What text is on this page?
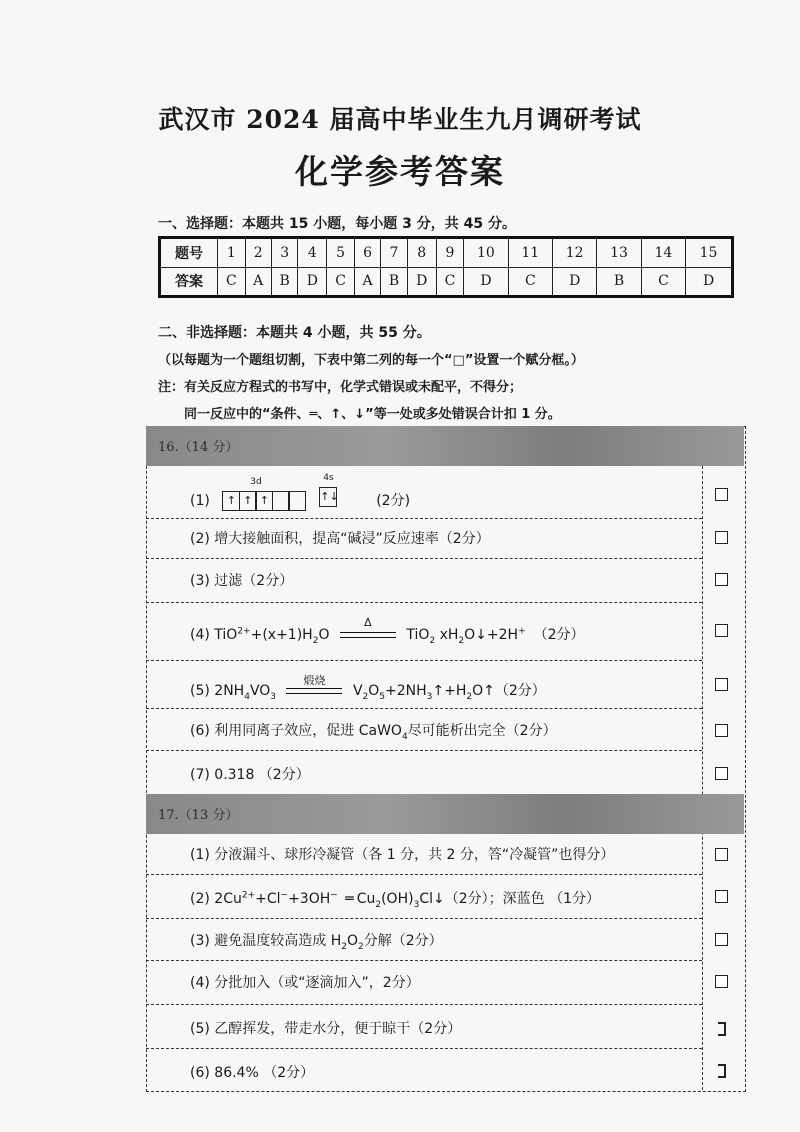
武汉市 2024 届高中毕业生九月调研考试
化学参考答案
一、选择题：本题共 15 小题，每小题 3 分，共 45 分。
题号	1	2	3	4	5	6	7	8	9	10	11	12	13	14	15
答案	C	A	B	D	C	A	B	D	C	D	C	D	B	C	D
二、非选择题：本题共 4 小题，共 55 分。
（以每题为一个题组切割，下表中第二列的每一个“□”设置一个赋分框。）
注：有关反应方程式的书写中，化学式错误或未配平，不得分；
同一反应中的“条件、═、↑、↓”等一处或多处错误合计扣 1 分。
16.（14 分）
(1)
3d
↑ ↑ ↑
4s
↑↓	(2分)
(2) 增大接触面积，提高“碱浸”反应速率（2分）
(3) 过滤（2分）
(4) $TiO^{2+}+(x+1)H_2O$
Δ
TiO$_2$ $xH_2O↓+2H^+$ （2分）
(5) $2NH_4VO_3$
煅烧
$V_2O_5+2NH_3↑+H_2O↑(2$分）
(6) 利用同离子效应，促进 CaWO$_4$尽可能析出完全（2分）
(7) 0.318 （2分）
17.（13 分）
(1) 分液漏斗、球形冷凝管（各 1 分，共 2 分，答“冷凝管”也得分）
(2) $2Cu^{2+}+Cl^-+3OH^-$ ═ $Cu_2(OH)_3Cl↓(2$分）；深蓝色 （1分）
(3) 避免温度较高造成 $H_2O_2$分解（2分）
(4) 分批加入（或“逐滴加入”，2分）
(5) 乙醇挥发，带走水分，便于晾干（2分）
(6) 86.4% （2分）
